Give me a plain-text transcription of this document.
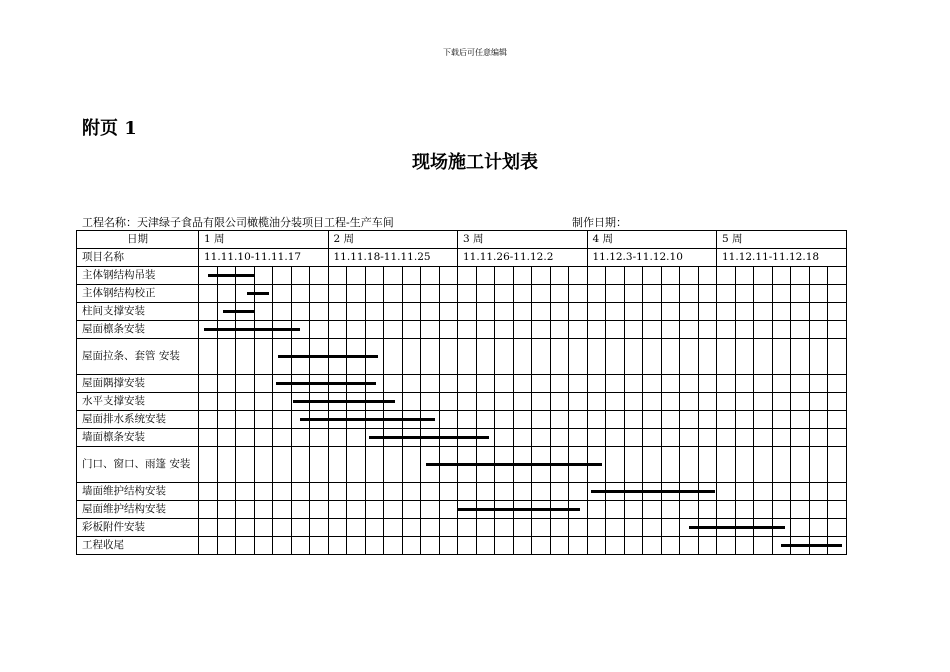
下载后可任意编辑
附页 1
现场施工计划表
工程名称：天津绿子食品有限公司橄榄油分装项目工程-生产车间	制作日期：
日期	1 周							2 周							3 周							4 周							5 周						
项目名称	11.11.10-11.11.17							11.11.18-11.11.25							11.11.26-11.12.2							11.12.3-11.12.10							11.12.11-11.12.18						
主体钢结构吊装																																			
主体钢结构校正																																			
柱间支撑安装																																			
屋面檩条安装																																			
屋面拉条、套管 安装																																			
屋面隅撑安装																																			
水平支撑安装																																			
屋面排水系统安装																																			
墙面檩条安装																																			
门口、窗口、雨篷 安装																																			
墙面维护结构安装																																			
屋面维护结构安装																																			
彩板附件安装																																			
工程收尾																																			
